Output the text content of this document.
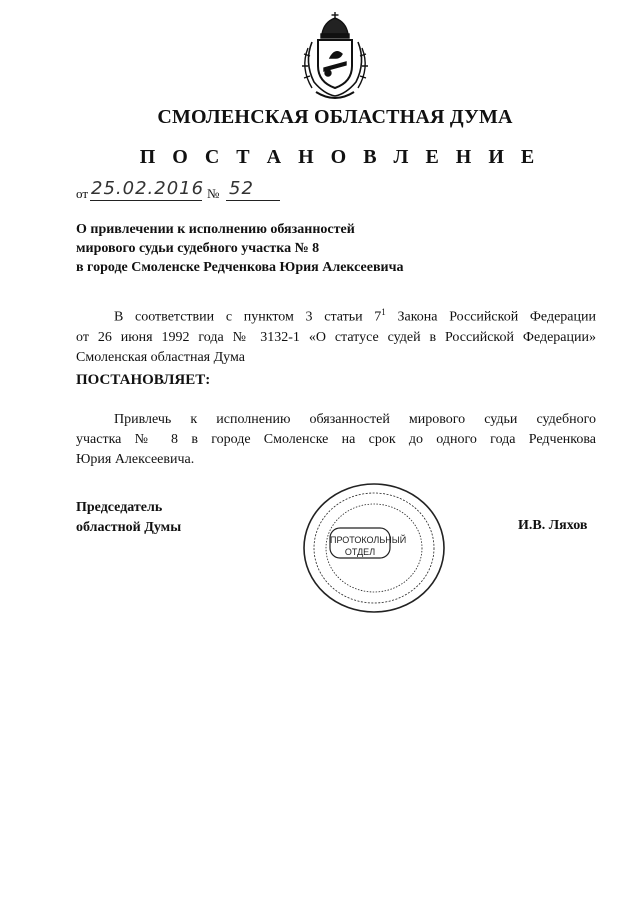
СМОЛЕНСКАЯ ОБЛАСТНАЯ ДУМА
П О С Т А Н О В Л Е Н И Е
от 25.02.2016 № 52
О привлечении к исполнению обязанностей
мирового судьи судебного участка № 8
в городе Смоленске Редченкова Юрия Алексеевича
В соответствии с пунктом 3 статьи $7^1$ Закона Российской Федерации
от 26 июня 1992 года № 3132-1 «О статусе судей в Российской Федерации»
Смоленская областная Дума
ПОСТАНОВЛЯЕТ:
Привлечь к исполнению обязанностей мирового судьи судебного
участка № 8 в городе Смоленске на срок до одного года Редченкова
Юрия Алексеевича.
Председатель
областной Думы
ПРОТОКОЛЬНЫЙ
ОТДЕЛ
И.В. Ляхов
